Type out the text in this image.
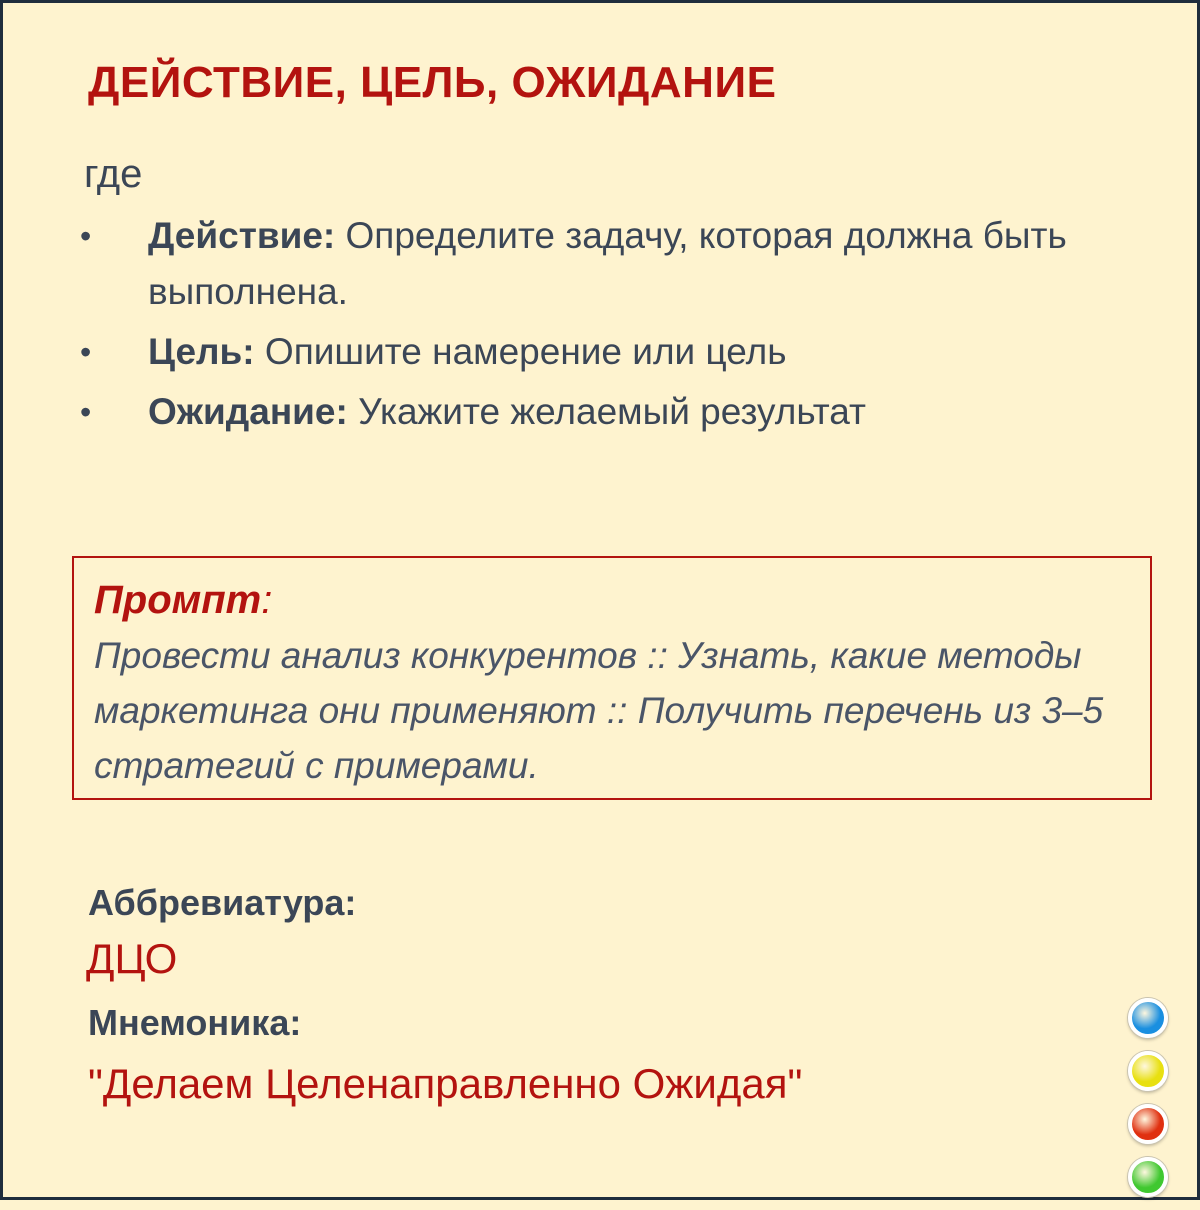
ДЕЙСТВИЕ, ЦЕЛЬ, ОЖИДАНИЕ
где
• Действие: Определите задачу, которая должна быть выполнена.
• Цель: Опишите намерение или цель
• Ожидание: Укажите желаемый результат
Промпт:
Провести анализ конкурентов :: Узнать, какие методы маркетинга они применяют :: Получить перечень из 3–5 стратегий с примерами.
Аббревиатура:
ДЦО
Мнемоника:
"Делаем Целенаправленно Ожидая"
